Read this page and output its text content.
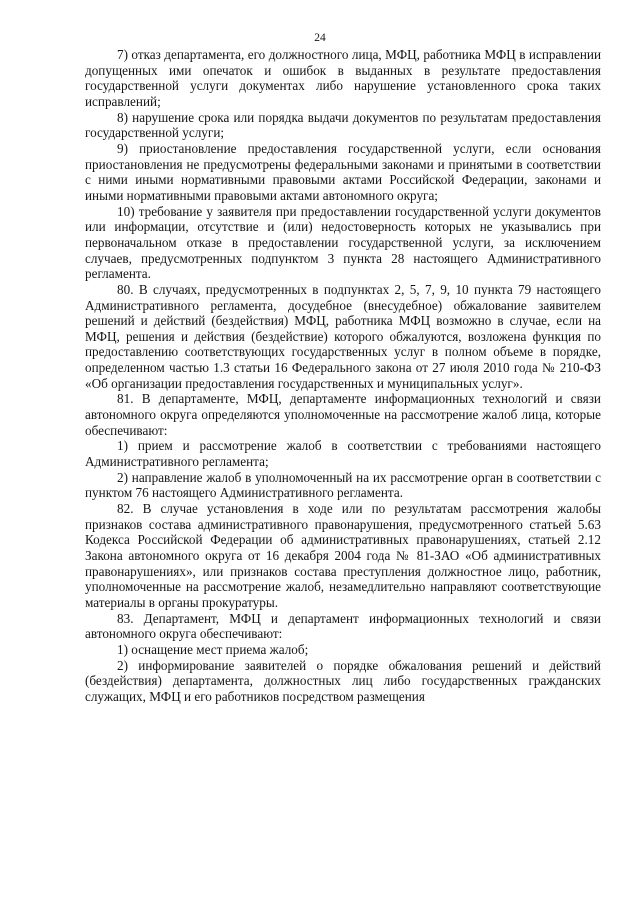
24

7) отказ департамента, его должностного лица, МФЦ, работника МФЦ в исправлении допущенных ими опечаток и ошибок в выданных в результате предоставления государственной услуги документах либо нарушение установленного срока таких исправлений;

8) нарушение срока или порядка выдачи документов по результатам предоставления государственной услуги;

9) приостановление предоставления государственной услуги, если основания приостановления не предусмотрены федеральными законами и принятыми в соответствии с ними иными нормативными правовыми актами Российской Федерации, законами и иными нормативными правовыми актами автономного округа;

10) требование у заявителя при предоставлении государственной услуги документов или информации, отсутствие и (или) недостоверность которых не указывались при первоначальном отказе в предоставлении государственной услуги, за исключением случаев, предусмотренных подпунктом 3 пункта 28 настоящего Административного регламента.

80. В случаях, предусмотренных в подпунктах 2, 5, 7, 9, 10 пункта 79 настоящего Административного регламента, досудебное (внесудебное) обжалование заявителем решений и действий (бездействия) МФЦ, работника МФЦ возможно в случае, если на МФЦ, решения и действия (бездействие) которого обжалуются, возложена функция по предоставлению соответствующих государственных услуг в полном объеме в порядке, определенном частью 1.3 статьи 16 Федерального закона от 27 июля 2010 года № 210-ФЗ «Об организации предоставления государственных и муниципальных услуг».

81. В департаменте, МФЦ, департаменте информационных технологий и связи автономного округа определяются уполномоченные на рассмотрение жалоб лица, которые обеспечивают:

1) прием и рассмотрение жалоб в соответствии с требованиями настоящего Административного регламента;

2) направление жалоб в уполномоченный на их рассмотрение орган в соответствии с пунктом 76 настоящего Административного регламента.

82. В случае установления в ходе или по результатам рассмотрения жалобы признаков состава административного правонарушения, предусмотренного статьей 5.63 Кодекса Российской Федерации об административных правонарушениях, статьей 2.12 Закона автономного округа от 16 декабря 2004 года № 81-ЗАО «Об административных правонарушениях», или признаков состава преступления должностное лицо, работник, уполномоченные на рассмотрение жалоб, незамедлительно направляют соответствующие материалы в органы прокуратуры.

83. Департамент, МФЦ и департамент информационных технологий и связи автономного округа обеспечивают:

1) оснащение мест приема жалоб;

2) информирование заявителей о порядке обжалования решений и действий (бездействия) департамента, должностных лиц либо государственных гражданских служащих, МФЦ и его работников посредством размещения
